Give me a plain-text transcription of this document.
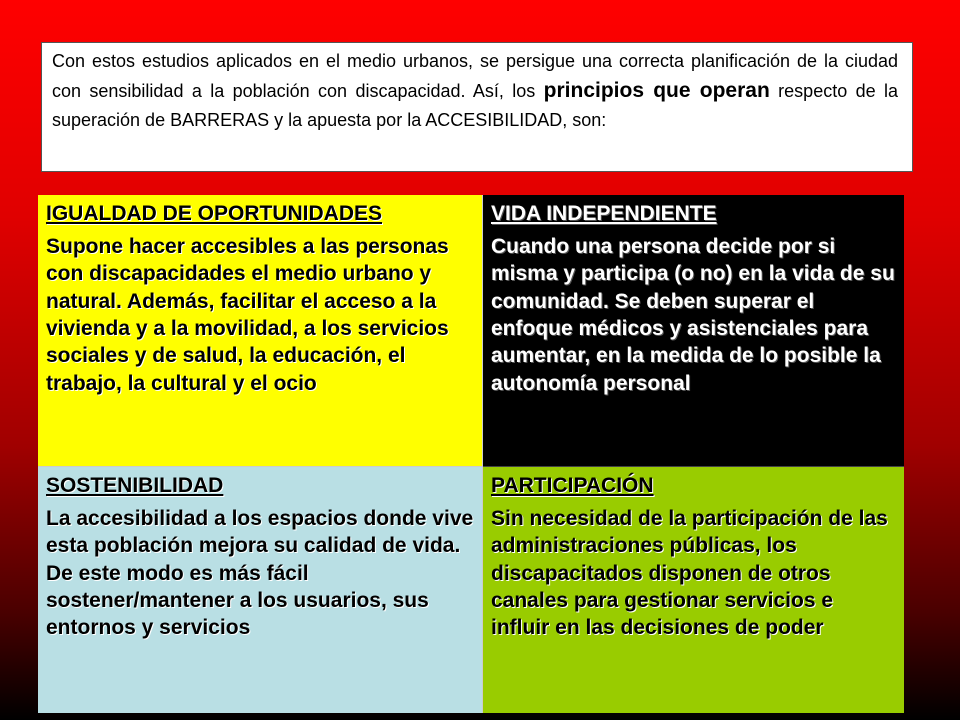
Con estos estudios aplicados en el medio urbanos, se persigue una correcta planificación de la ciudad con sensibilidad a la población con discapacidad. Así, los principios que operan respecto de la superación de BARRERAS y la apuesta por la ACCESIBILIDAD, son:
IGUALDAD DE OPORTUNIDADES

Supone hacer accesibles a las personas con discapacidades el medio urbano y natural. Además, facilitar el acceso a la vivienda y a la movilidad, a los servicios sociales y de salud, la educación, el trabajo, la cultural y el ocio

VIDA INDEPENDIENTE

Cuando una persona decide por si misma y participa (o no) en la vida de su comunidad. Se deben superar el enfoque médicos y asistenciales para aumentar, en la medida de lo posible la autonomía personal

SOSTENIBILIDAD

La accesibilidad a los espacios donde vive esta población mejora su calidad de vida. De este modo es más fácil sostener/mantener a los usuarios, sus entornos y servicios

PARTICIPACIÓN

Sin necesidad de la participación de las administraciones públicas, los discapacitados disponen de otros canales para gestionar servicios e influir en las decisiones de poder
